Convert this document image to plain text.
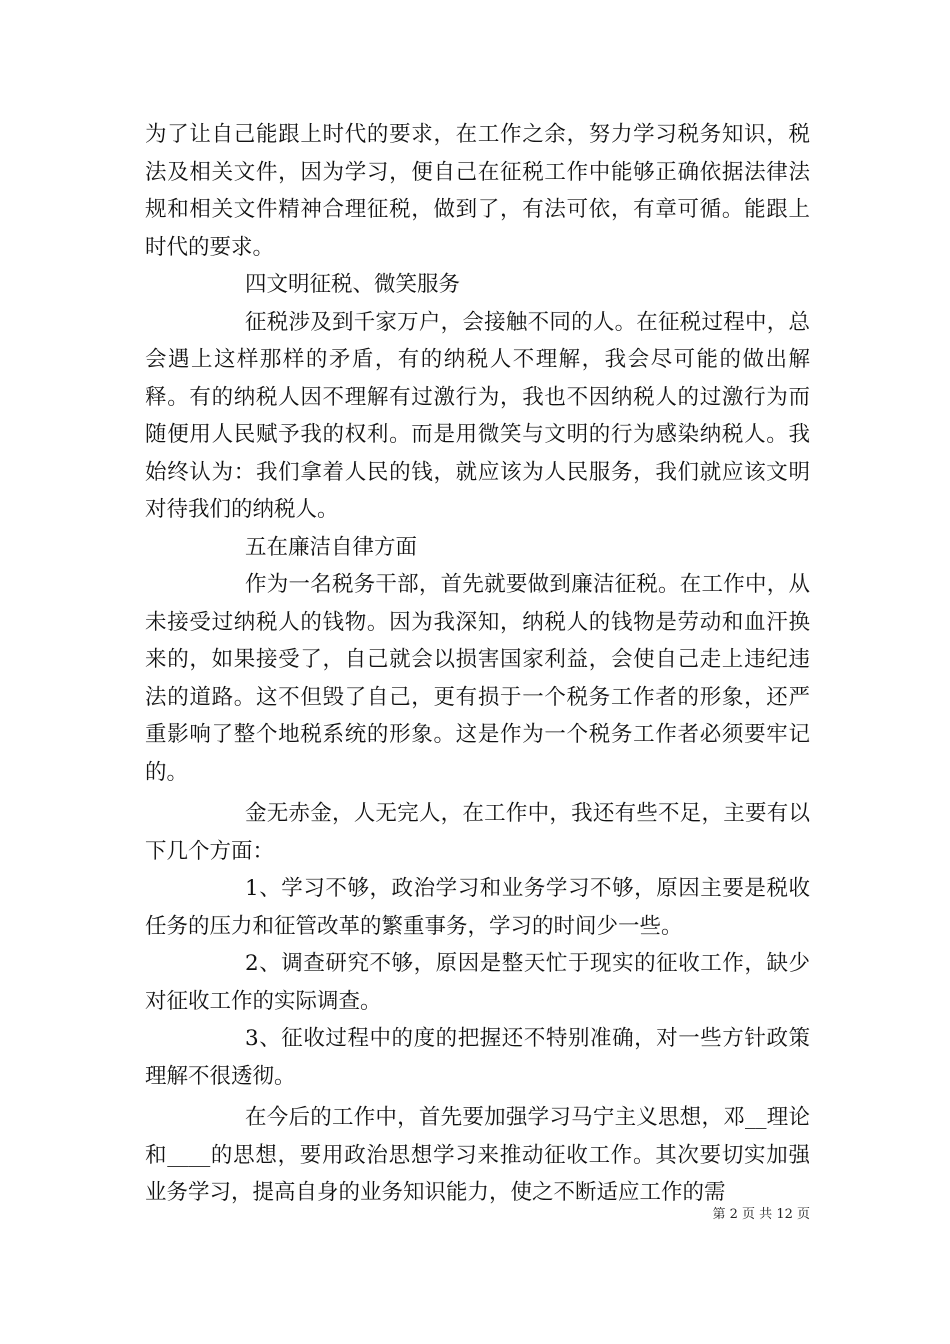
为了让自己能跟上时代的要求，在工作之余，努力学习税务知识，税法及相关文件，因为学习，便自己在征税工作中能够正确依据法律法规和相关文件精神合理征税，做到了，有法可依，有章可循。能跟上时代的要求。

四文明征税、微笑服务

征税涉及到千家万户，会接触不同的人。在征税过程中，总会遇上这样那样的矛盾，有的纳税人不理解，我会尽可能的做出解释。有的纳税人因不理解有过激行为，我也不因纳税人的过激行为而随便用人民赋予我的权利。而是用微笑与文明的行为感染纳税人。我始终认为：我们拿着人民的钱，就应该为人民服务，我们就应该文明对待我们的纳税人。

五在廉洁自律方面

作为一名税务干部，首先就要做到廉洁征税。在工作中，从未接受过纳税人的钱物。因为我深知，纳税人的钱物是劳动和血汗换来的，如果接受了，自己就会以损害国家利益，会使自己走上违纪违法的道路。这不但毁了自己，更有损于一个税务工作者的形象，还严重影响了整个地税系统的形象。这是作为一个税务工作者必须要牢记的。

金无赤金，人无完人，在工作中，我还有些不足，主要有以下几个方面：

1、学习不够，政治学习和业务学习不够，原因主要是税收任务的压力和征管改革的繁重事务，学习的时间少一些。

2、调查研究不够，原因是整天忙于现实的征收工作，缺少对征收工作的实际调查。

3、征收过程中的度的把握还不特别准确，对一些方针政策理解不很透彻。

在今后的工作中，首先要加强学习马宁主义思想，邓__理论和____的思想，要用政治思想学习来推动征收工作。其次要切实加强业务学习，提高自身的业务知识能力，使之不断适应工作的需

第 2 页 共 12 页
